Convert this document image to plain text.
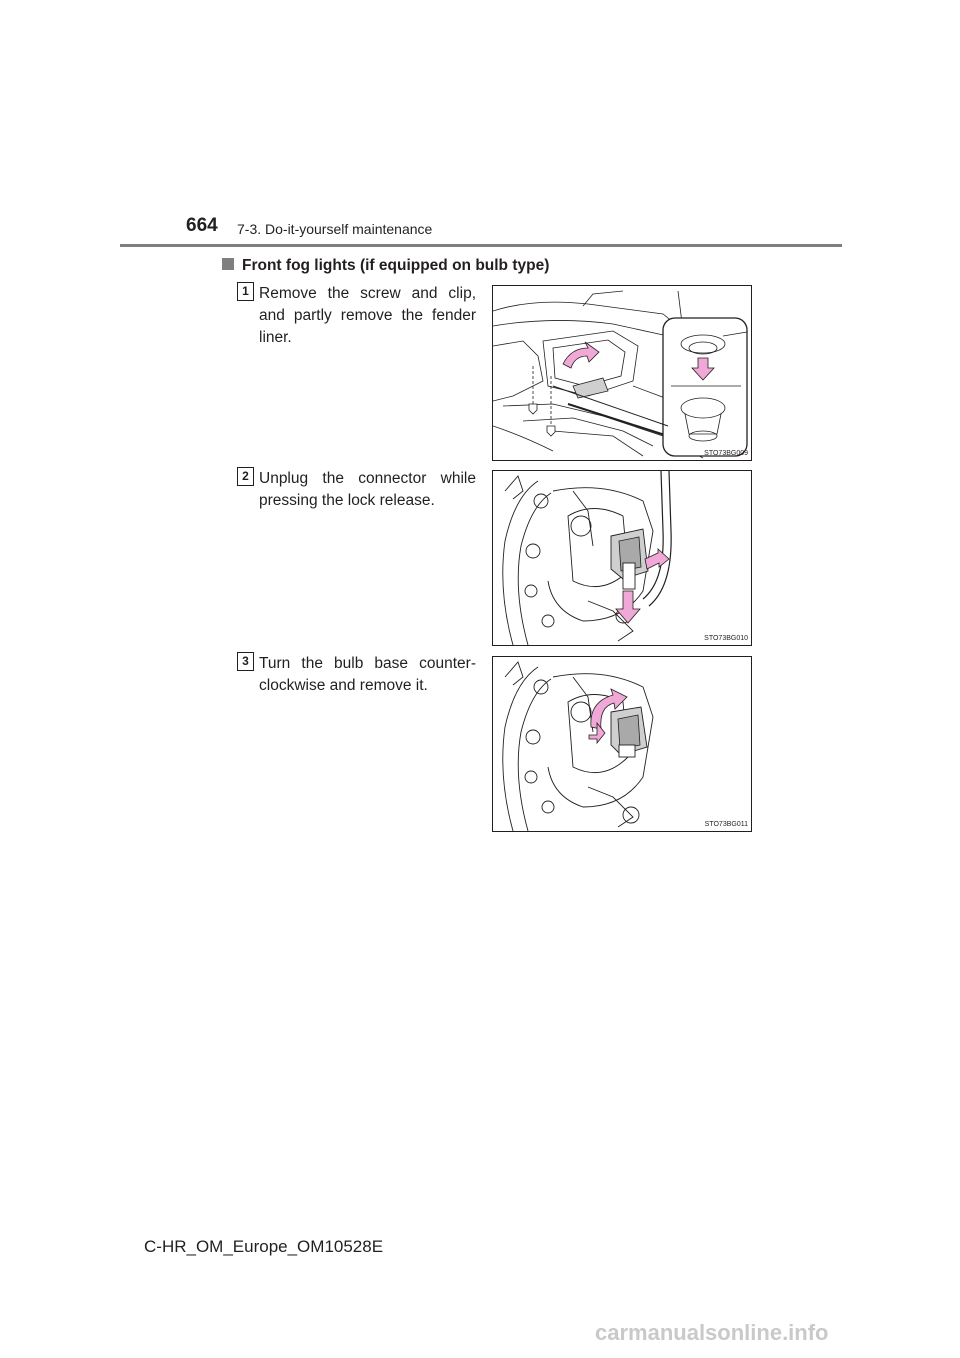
664 7-3. Do-it-yourself maintenance
Front fog lights (if equipped on bulb type)
1 Remove the screw and clip, and partly remove the fender liner.
STO73BG009
2 Unplug the connector while pressing the lock release.
STO73BG010
3 Turn the bulb base counter-clockwise and remove it.
STO73BG011
C-HR_OM_Europe_OM10528E
carmanualsonline.info
